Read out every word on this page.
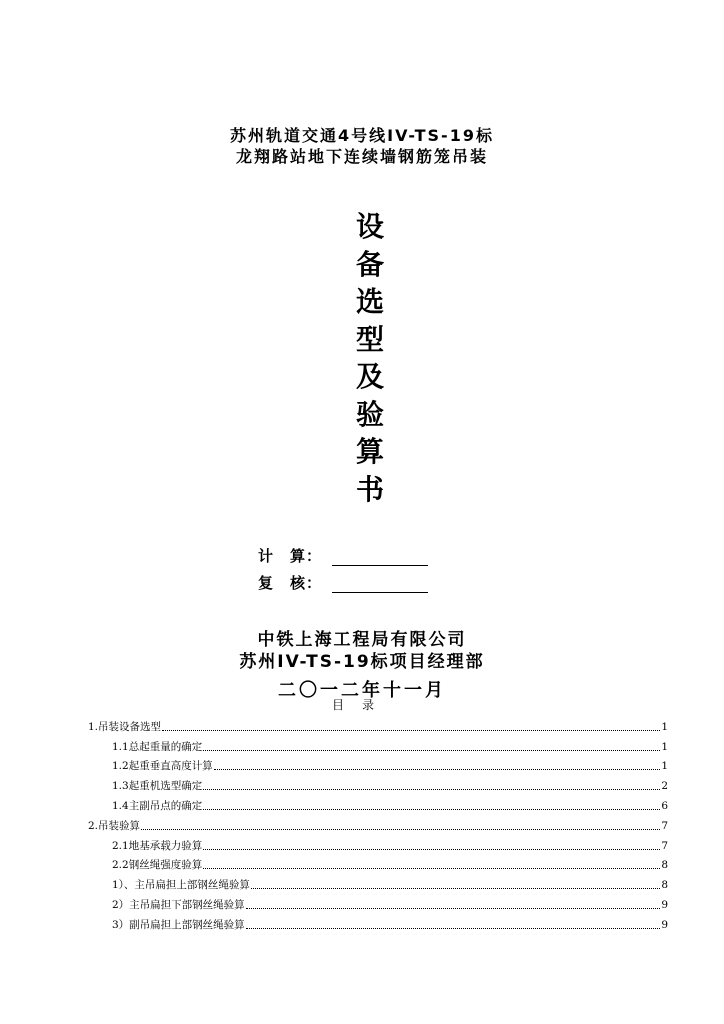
苏州轨道交通4号线IV-TS-19标
龙翔路站地下连续墙钢筋笼吊装
设
备
选
型
及
验
算
书
计　算：
复　核：
中铁上海工程局有限公司
苏州IV-TS-19标项目经理部
二〇一二年十一月
目录
1.吊装设备选型	1
1.1总起重量的确定	1
1.2起重垂直高度计算	1
1.3起重机选型确定	2
1.4主副吊点的确定	6
2.吊装验算	7
2.1地基承载力验算	7
2.2钢丝绳强度验算	8
1）、主吊扁担上部钢丝绳验算	8
2）主吊扁担下部钢丝绳验算	9
3）副吊扁担上部钢丝绳验算	9
